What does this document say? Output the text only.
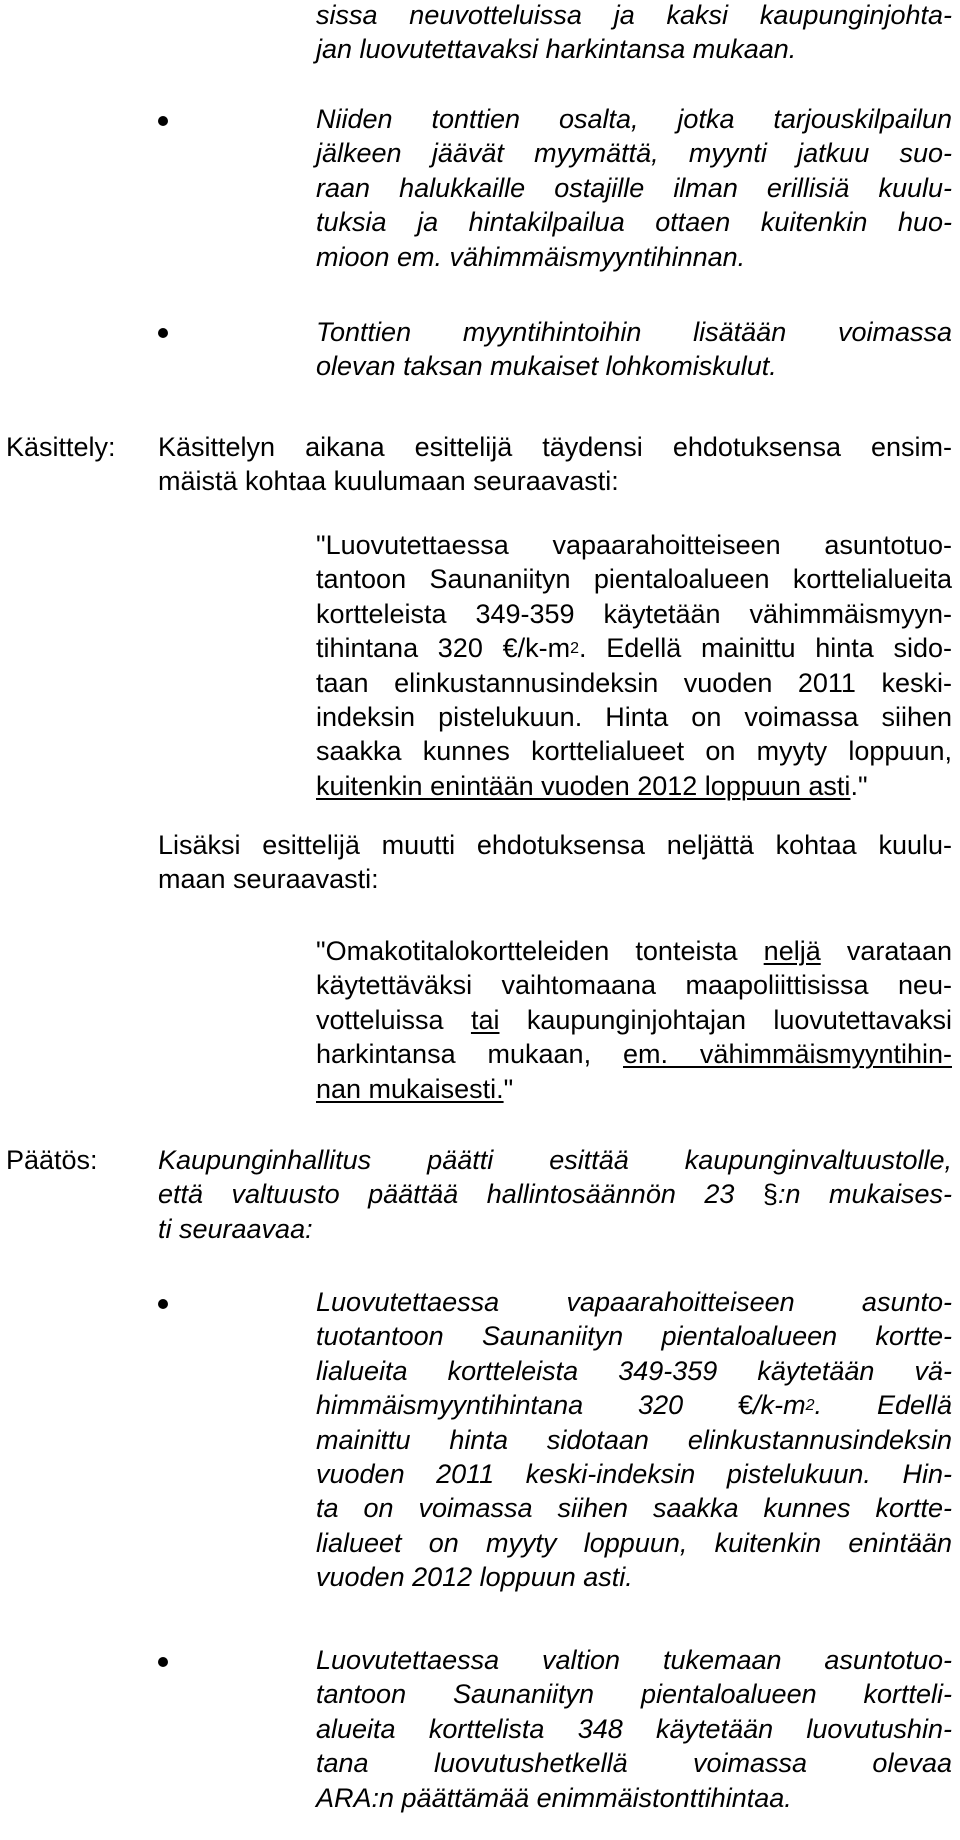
sissa neuvotteluissa ja kaksi kaupunginjohta-
jan luovutettavaksi harkintansa mukaan.
Niiden tonttien osalta, jotka tarjouskilpailun
jälkeen jäävät myymättä, myynti jatkuu suo-
raan halukkaille ostajille ilman erillisiä kuulu-
tuksia ja hintakilpailua ottaen kuitenkin huo-
mioon em. vähimmäismyyntihinnan.
Tonttien myyntihintoihin lisätään voimassa
olevan taksan mukaiset lohkomiskulut.
Käsittely: Käsittelyn aikana esittelijä täydensi ehdotuksensa ensim-
mäistä kohtaa kuulumaan seuraavasti:
"Luovutettaessa vapaarahoitteiseen asuntotuo-
tantoon Saunaniityn pientaloalueen korttelialueita
kortteleista 349-359 käytetään vähimmäismyyn-
tihintana 320 $€/k-m^2$. Edellä mainittu hinta sido-
taan elinkustannusindeksin vuoden 2011 keski-
indeksin pistelukuun. Hinta on voimassa siihen
saakka kunnes korttelialueet on myyty loppuun,
kuitenkin enintään vuoden 2012 loppuun asti."
Lisäksi esittelijä muutti ehdotuksensa neljättä kohtaa kuulu-
maan seuraavasti:
"Omakotitalokortteleiden tonteista neljä varataan
käytettäväksi vaihtomaana maapoliittisissa neu-
votteluissa tai kaupunginjohtajan luovutettavaksi
harkintansa mukaan, em. vähimmäismyyntihin-
nan mukaisesti."
Päätös: Kaupunginhallitus päätti esittää kaupunginvaltuustolle,
että valtuusto päättää hallintosäännön 23 §:n mukaises-
ti seuraavaa:
Luovutettaessa vapaarahoitteiseen asunto-
tuotantoon Saunaniityn pientaloalueen kortte-
lialueita kortteleista 349-359 käytetään vä-
himmäismyyntihintana 320 $€/k-m^2$. Edellä
mainittu hinta sidotaan elinkustannusindeksin
vuoden 2011 keski-indeksin pistelukuun. Hin-
ta on voimassa siihen saakka kunnes kortte-
lialueet on myyty loppuun, kuitenkin enintään
vuoden 2012 loppuun asti.
Luovutettaessa valtion tukemaan asuntotuo-
tantoon Saunaniityn pientaloalueen kortteli-
alueita korttelista 348 käytetään luovutushin-
tana luovutushetkellä voimassa olevaa
ARA:n päättämää enimmäistonttihintaa.
